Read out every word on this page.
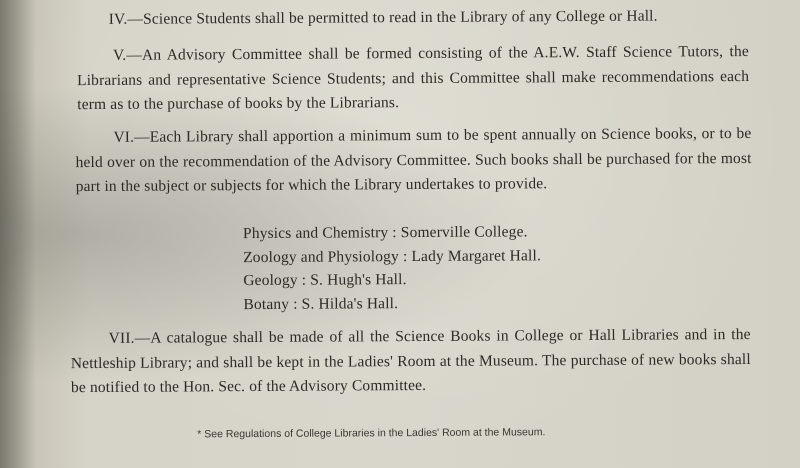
IV.—Science Students shall be permitted to read in the Library of any College or Hall.

V.—An Advisory Committee shall be formed consisting of the A.E.W. Staff Science Tutors, the Librarians and representative Science Students; and this Committee shall make recommendations each term as to the purchase of books by the Librarians.

VI.—Each Library shall apportion a minimum sum to be spent annually on Science books, or to be held over on the recommendation of the Advisory Committee. Such books shall be purchased for the most part in the subject or subjects for which the Library undertakes to provide.

Physics and Chemistry : Somerville College.
Zoology and Physiology : Lady Margaret Hall.
Geology : S. Hugh's Hall.
Botany : S. Hilda's Hall.

VII.—A catalogue shall be made of all the Science Books in College or Hall Libraries and in the Nettleship Library; and shall be kept in the Ladies' Room at the Museum. The purchase of new books shall be notified to the Hon. Sec. of the Advisory Committee.

* See Regulations of College Libraries in the Ladies' Room at the Museum.
